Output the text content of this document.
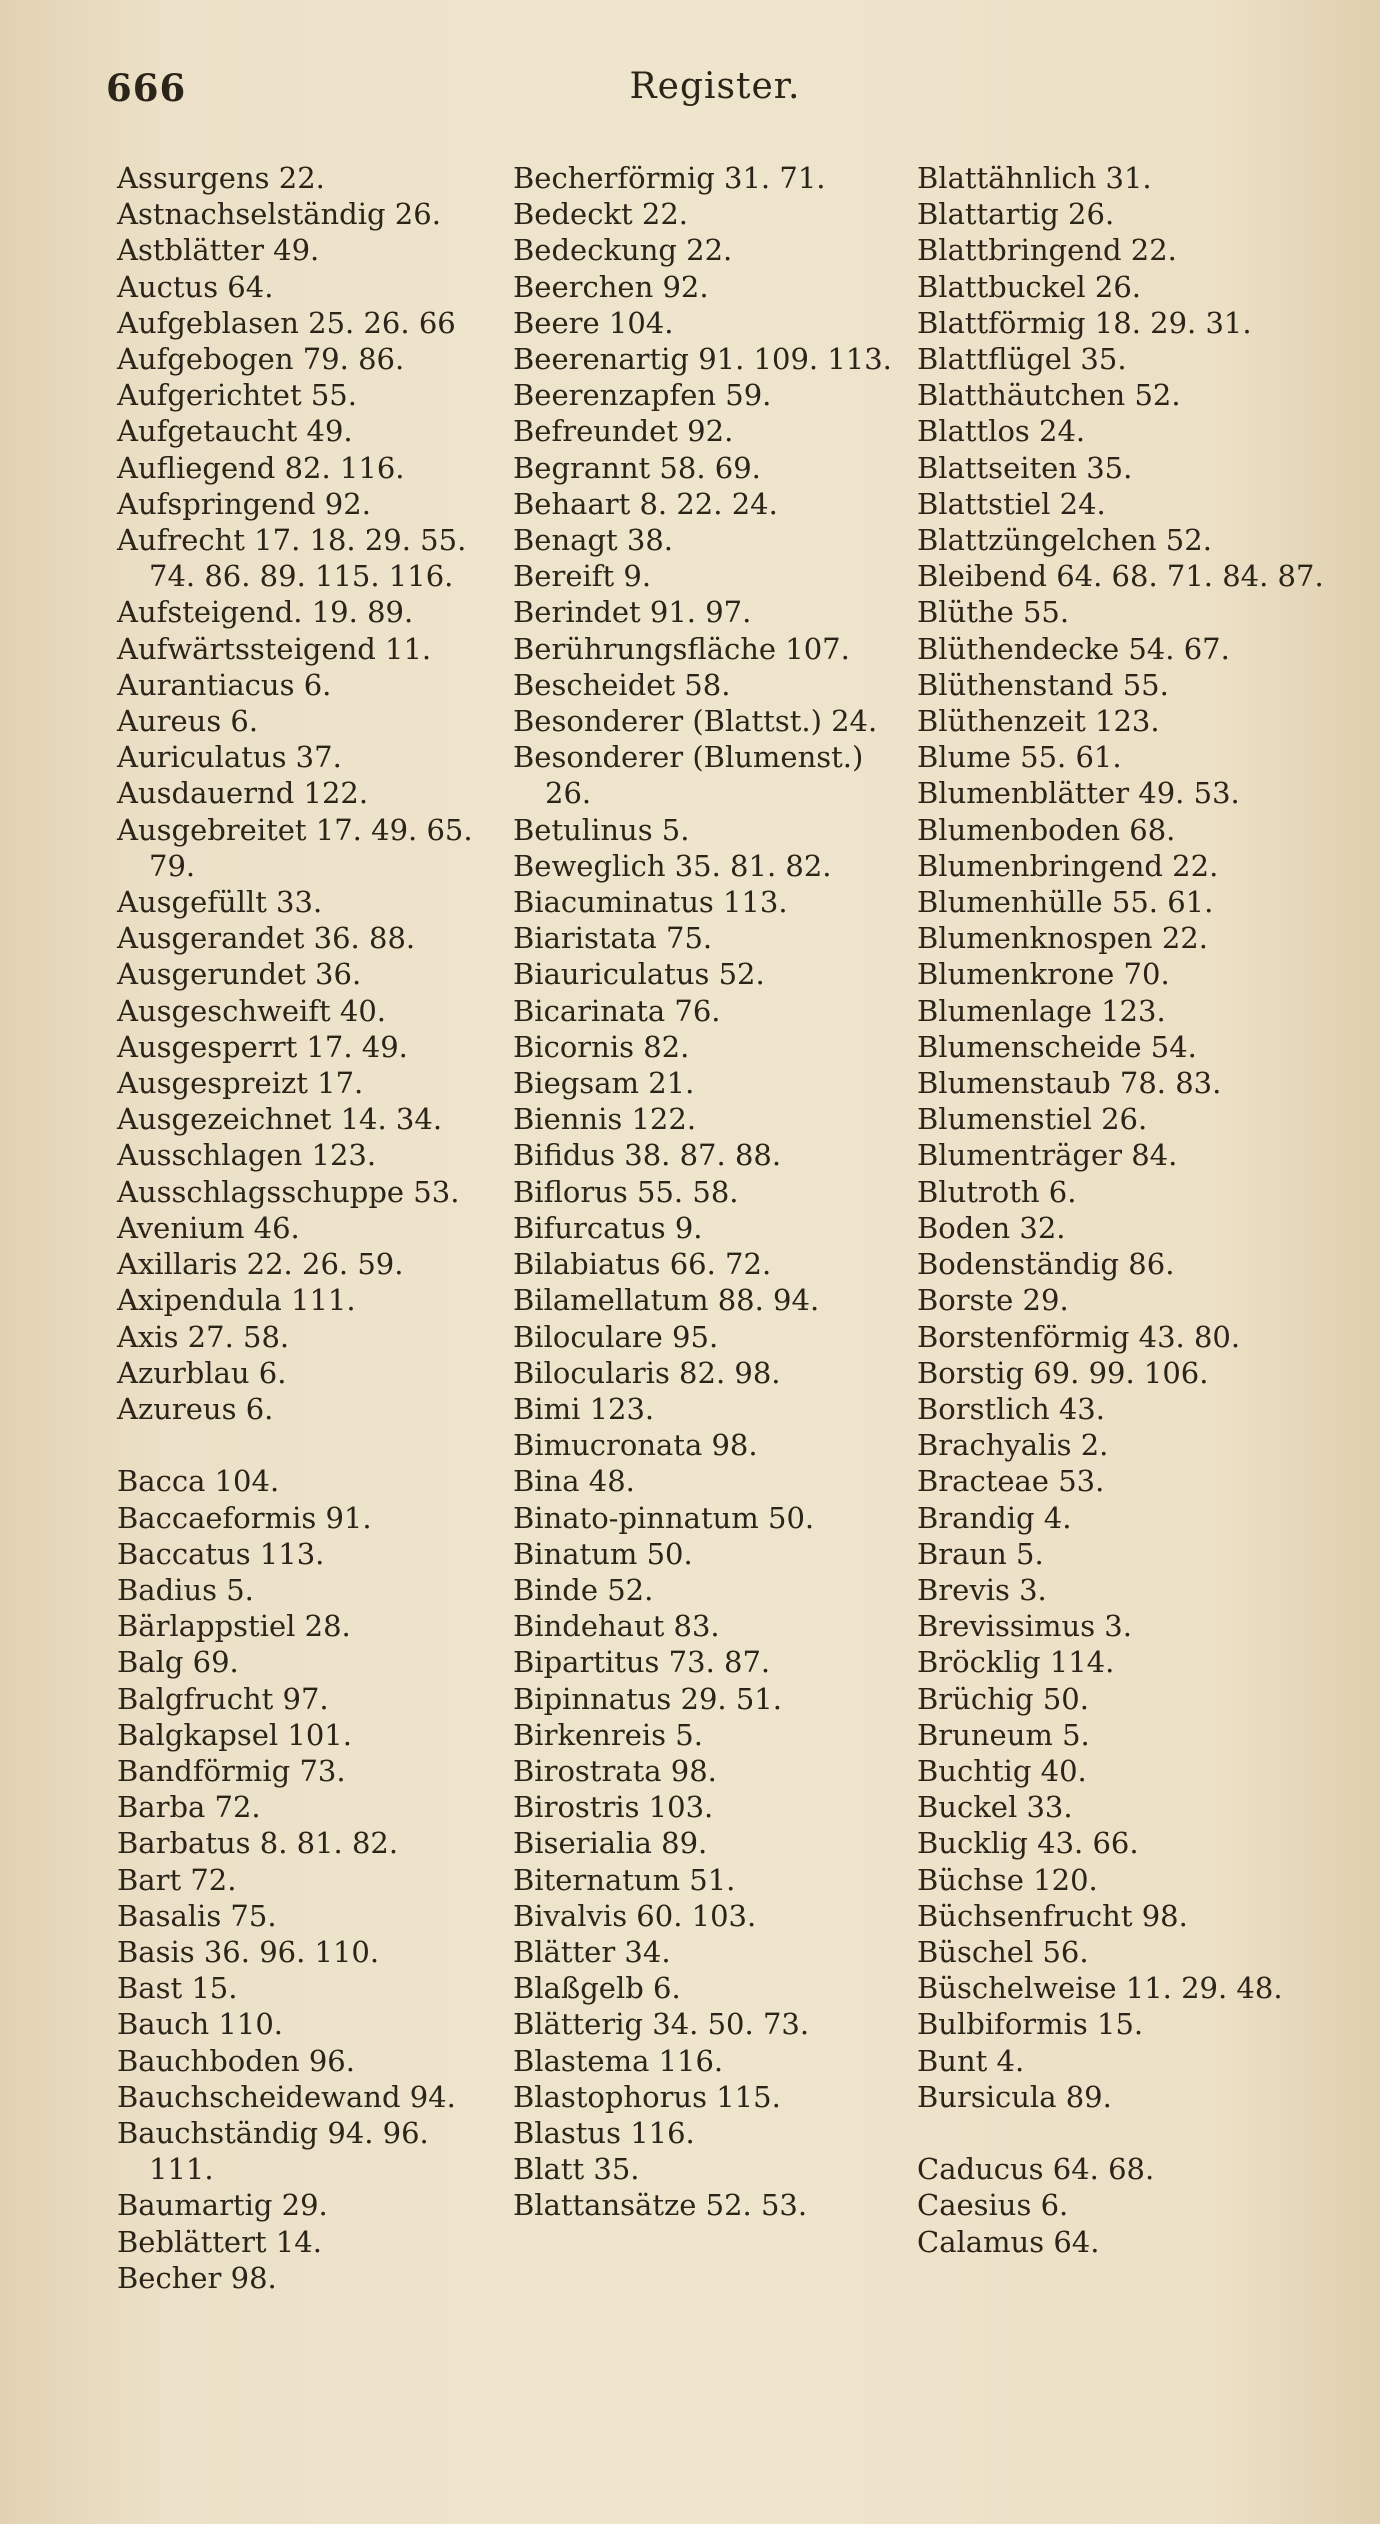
666	Register.
Assurgens 22.
Astnachselständig 26.
Astblätter 49.
Auctus 64.
Aufgeblasen 25. 26. 66
Aufgebogen 79. 86.
Aufgerichtet 55.
Aufgetaucht 49.
Aufliegend 82. 116.
Aufspringend 92.
Aufrecht 17. 18. 29. 55. 74. 86. 89. 115. 116.
Aufsteigend. 19. 89.
Aufwärtssteigend 11.
Aurantiacus 6.
Aureus 6.
Auriculatus 37.
Ausdauernd 122.
Ausgebreitet 17. 49. 65. 79.
Ausgefüllt 33.
Ausgerandet 36. 88.
Ausgerundet 36.
Ausgeschweift 40.
Ausgesperrt 17. 49.
Ausgespreizt 17.
Ausgezeichnet 14. 34.
Ausschlagen 123.
Ausschlagsschuppe 53.
Avenium 46.
Axillaris 22. 26. 59.
Axipendula 111.
Axis 27. 58.
Azurblau 6.
Azureus 6.
Bacca 104.
Baccaeformis 91.
Baccatus 113.
Badius 5.
Bärlappstiel 28.
Balg 69.
Balgfrucht 97.
Balgkapsel 101.
Bandförmig 73.
Barba 72.
Barbatus 8. 81. 82.
Bart 72.
Basalis 75.
Basis 36. 96. 110.
Bast 15.
Bauch 110.
Bauchboden 96.
Bauchscheidewand 94.
Bauchständig 94. 96. 111.
Baumartig 29.
Beblättert 14.
Becher 98.
Becherförmig 31. 71.
Bedeckt 22.
Bedeckung 22.
Beerchen 92.
Beere 104.
Beerenartig 91. 109. 113.
Beerenzapfen 59.
Befreundet 92.
Begrannt 58. 69.
Behaart 8. 22. 24.
Benagt 38.
Bereift 9.
Berindet 91. 97.
Berührungsfläche 107.
Bescheidet 58.
Besonderer (Blattst.) 24.
Besonderer (Blumenst.) 26.
Betulinus 5.
Beweglich 35. 81. 82.
Biacuminatus 113.
Biaristata 75.
Biauriculatus 52.
Bicarinata 76.
Bicornis 82.
Biegsam 21.
Biennis 122.
Bifidus 38. 87. 88.
Biflorus 55. 58.
Bifurcatus 9.
Bilabiatus 66. 72.
Bilamellatum 88. 94.
Biloculare 95.
Bilocularis 82. 98.
Bimi 123.
Bimucronata 98.
Bina 48.
Binato-pinnatum 50.
Binatum 50.
Binde 52.
Bindehaut 83.
Bipartitus 73. 87.
Bipinnatus 29. 51.
Birkenreis 5.
Birostrata 98.
Birostris 103.
Biserialia 89.
Biternatum 51.
Bivalvis 60. 103.
Blätter 34.
Blaßgelb 6.
Blätterig 34. 50. 73.
Blastema 116.
Blastophorus 115.
Blastus 116.
Blatt 35.
Blattansätze 52. 53.
Blattähnlich 31.
Blattartig 26.
Blattbringend 22.
Blattbuckel 26.
Blattförmig 18. 29. 31.
Blattflügel 35.
Blatthäutchen 52.
Blattlos 24.
Blattseiten 35.
Blattstiel 24.
Blattzüngelchen 52.
Bleibend 64. 68. 71. 84. 87.
Blüthe 55.
Blüthendecke 54. 67.
Blüthenstand 55.
Blüthenzeit 123.
Blume 55. 61.
Blumenblätter 49. 53.
Blumenboden 68.
Blumenbringend 22.
Blumenhülle 55. 61.
Blumenknospen 22.
Blumenkrone 70.
Blumenlage 123.
Blumenscheide 54.
Blumenstaub 78. 83.
Blumenstiel 26.
Blumenträger 84.
Blutroth 6.
Boden 32.
Bodenständig 86.
Borste 29.
Borstenförmig 43. 80.
Borstig 69. 99. 106.
Borstlich 43.
Brachyalis 2.
Bracteae 53.
Brandig 4.
Braun 5.
Brevis 3.
Brevissimus 3.
Bröcklig 114.
Brüchig 50.
Bruneum 5.
Buchtig 40.
Buckel 33.
Bucklig 43. 66.
Büchse 120.
Büchsenfrucht 98.
Büschel 56.
Büschelweise 11. 29. 48.
Bulbiformis 15.
Bunt 4.
Bursicula 89.
Caducus 64. 68.
Caesius 6.
Calamus 64.
